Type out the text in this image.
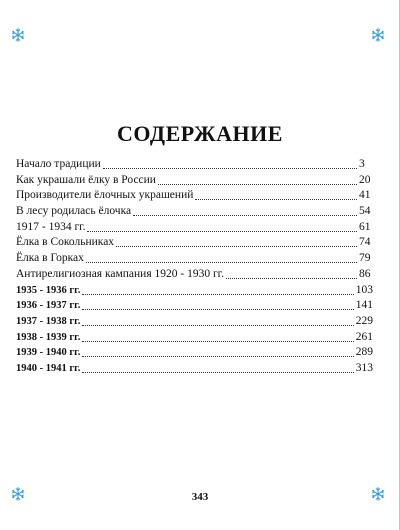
СОДЕРЖАНИЕ
Начало традиции	3
Как украшали ёлку в России	20
Производители ёлочных украшений	41
В лесу родилась ёлочка	54
1917 - 1934 гг.	61
Ёлка в Сокольниках	74
Ёлка в Горках	79
Антирелигиозная кампания 1920 - 1930 гг.	86
1935 - 1936 гг.	103
1936 - 1937 гг.	141
1937 - 1938 гг.	229
1938 - 1939 гг.	261
1939 - 1940 гг.	289
1940 - 1941 гг.	313
343
